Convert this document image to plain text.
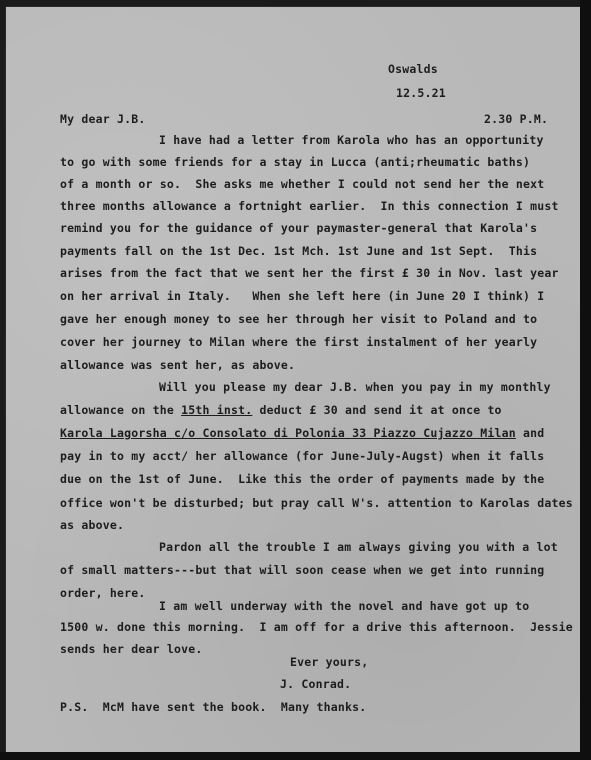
Oswalds
12.5.21
2.30 P.M.
My dear J.B.
I have had a letter from Karola who has an opportunity
to go with some friends for a stay in Lucca (anti;rheumatic baths)
of a month or so.  She asks me whether I could not send her the next
three months allowance a fortnight earlier.  In this connection I must
remind you for the guidance of your paymaster-general that Karola's
payments fall on the 1st Dec. 1st Mch. 1st June and 1st Sept.  This
arises from the fact that we sent her the first £ 30 in Nov. last year
on her arrival in Italy.   When she left here (in June 20 I think) I
gave her enough money to see her through her visit to Poland and to
cover her journey to Milan where the first instalment of her yearly
allowance was sent her, as above.
Will you please my dear J.B. when you pay in my monthly
allowance on the 15th inst. deduct £ 30 and send it at once to
Karola Lagorsha c/o Consolato di Polonia 33 Piazzo Cujazzo Milan and
pay in to my acct/ her allowance (for June-July-Augst) when it falls
due on the 1st of June.  Like this the order of payments made by the
office won't be disturbed; but pray call W's. attention to Karolas dates
as above.
Pardon all the trouble I am always giving you with a lot
of small matters---but that will soon cease when we get into running
order, here.
I am well underway with the novel and have got up to
1500 w. done this morning.  I am off for a drive this afternoon.  Jessie
sends her dear love.
Ever yours,
J. Conrad.
P.S.  McM have sent the book.  Many thanks.
